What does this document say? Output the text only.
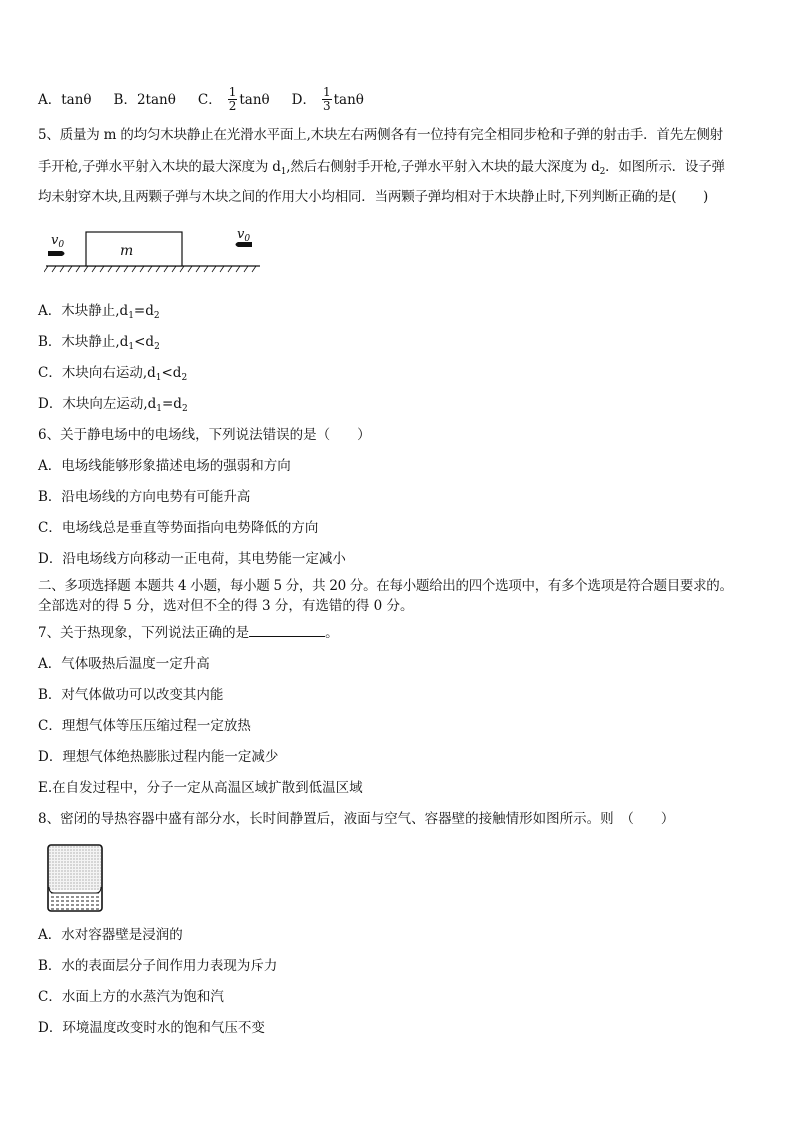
A． tanθ B． 2tanθ C． $\frac{1}{2}$ tanθ D． $\frac{1}{3}$ tanθ
5、质量为 m 的均匀木块静止在光滑水平面上,木块左右两侧各有一位持有完全相同步枪和子弹的射击手．首先左侧射
手开枪,子弹水平射入木块的最大深度为 $d_1$,然后右侧射手开枪,子弹水平射入木块的最大深度为 $d_2$．如图所示．设子弹
均未射穿木块,且两颗子弹与木块之间的作用大小均相同．当两颗子弹均相对于木块静止时,下列判断正确的是(　　)
m
$v_0$
$v_0$
A．木块静止$,d_1=d_2$
B．木块静止$,d_1<d_2$
C．木块向右运动$,d_1<d_2$
D．木块向左运动$,d_1=d_2$
6、关于静电场中的电场线，下列说法错误的是（　　）
A．电场线能够形象描述电场的强弱和方向
B．沿电场线的方向电势有可能升高
C．电场线总是垂直等势面指向电势降低的方向
D．沿电场线方向移动一正电荷，其电势能一定减小
二、多项选择题 本题共 4 小题，每小题 5 分，共 20 分。在每小题给出的四个选项中，有多个选项是符合题目要求的。
全部选对的得 5 分，选对但不全的得 3 分，有选错的得 0 分。
7、关于热现象，下列说法正确的是	。
A．气体吸热后温度一定升高
B．对气体做功可以改变其内能
C．理想气体等压压缩过程一定放热
D．理想气体绝热膨胀过程内能一定减少
E.在自发过程中，分子一定从高温区域扩散到低温区域
8、密闭的导热容器中盛有部分水，长时间静置后，液面与空气、容器壁的接触情形如图所示。则　（　　）
A．水对容器壁是浸润的
B．水的表面层分子间作用力表现为斥力
C．水面上方的水蒸汽为饱和汽
D．环境温度改变时水的饱和气压不变
